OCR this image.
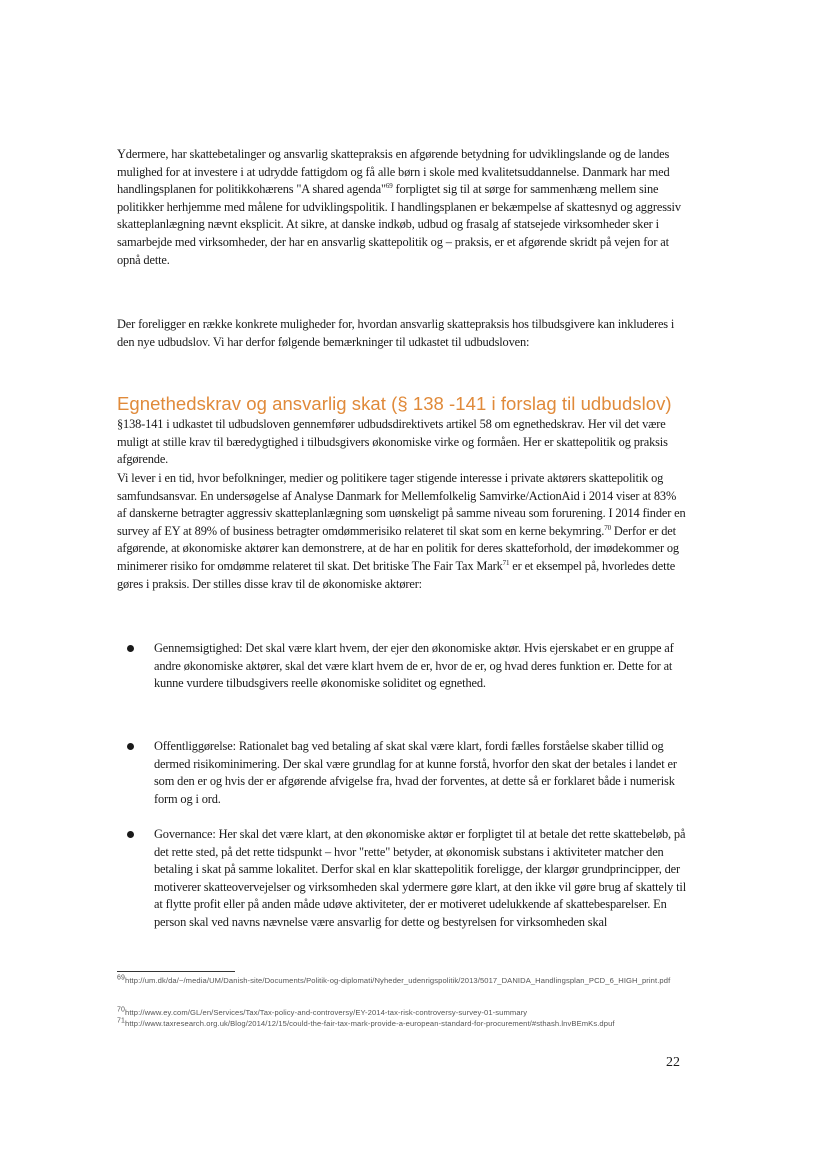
Ydermere, har skattebetalinger og ansvarlig skattepraksis en afgørende betydning for udviklingslande og de landes mulighed for at investere i at udrydde fattigdom og få alle børn i skole med kvalitetsuddannelse. Danmark har med handlingsplanen for politikkohærens "A shared agenda"$^{69}$ forpligtet sig til at sørge for sammenhæng mellem sine politikker herhjemme med målene for udviklingspolitik. I handlingsplanen er bekæmpelse af skattesnyd og aggressiv skatteplanlægning nævnt eksplicit. At sikre, at danske indkøb, udbud og frasalg af statsejede virksomheder sker i samarbejde med virksomheder, der har en ansvarlig skattepolitik og – praksis, er et afgørende skridt på vejen for at opnå dette.
Der foreligger en række konkrete muligheder for, hvordan ansvarlig skattepraksis hos tilbudsgivere kan inkluderes i den nye udbudslov. Vi har derfor følgende bemærkninger til udkastet til udbudsloven:
Egnethedskrav og ansvarlig skat (§ 138 -141 i forslag til udbudslov)
§138-141 i udkastet til udbudsloven gennemfører udbudsdirektivets artikel 58 om egnethedskrav. Her vil det være muligt at stille krav til bæredygtighed i tilbudsgivers økonomiske virke og formåen. Her er skattepolitik og praksis afgørende.
Vi lever i en tid, hvor befolkninger, medier og politikere tager stigende interesse i private aktørers skattepolitik og samfundsansvar. En undersøgelse af Analyse Danmark for Mellemfolkelig Samvirke/ActionAid i 2014 viser at 83% af danskerne betragter aggressiv skatteplanlægning som uønskeligt på samme niveau som forurening. I 2014 finder en survey af EY at 89% of business betragter omdømmerisiko relateret til skat som en kerne bekymring.$^{70}$ Derfor er det afgørende, at økonomiske aktører kan demonstrere, at de har en politik for deres skatteforhold, der imødekommer og minimerer risiko for omdømme relateret til skat. Det britiske The Fair Tax Mark$^{71}$ er et eksempel på, hvorledes dette gøres i praksis. Der stilles disse krav til de økonomiske aktører:
Gennemsigtighed: Det skal være klart hvem, der ejer den økonomiske aktør. Hvis ejerskabet er en gruppe af andre økonomiske aktører, skal det være klart hvem de er, hvor de er, og hvad deres funktion er. Dette for at kunne vurdere tilbudsgivers reelle økonomiske soliditet og egnethed.
Offentliggørelse: Rationalet bag ved betaling af skat skal være klart, fordi fælles forståelse skaber tillid og dermed risikominimering. Der skal være grundlag for at kunne forstå, hvorfor den skat der betales i landet er som den er og hvis der er afgørende afvigelse fra, hvad der forventes, at dette så er forklaret både i numerisk form og i ord.
Governance: Her skal det være klart, at den økonomiske aktør er forpligtet til at betale det rette skattebeløb, på det rette sted, på det rette tidspunkt – hvor "rette" betyder, at økonomisk substans i aktiviteter matcher den betaling i skat på samme lokalitet. Derfor skal en klar skattepolitik foreligge, der klargør grundprincipper, der motiverer skatteovervejelser og virksomheden skal ydermere gøre klart, at den ikke vil gøre brug af skattely til at flytte profit eller på anden måde udøve aktiviteter, der er motiveret udelukkende af skattebesparelser. En person skal ved navns nævnelse være ansvarlig for dette og bestyrelsen for virksomheden skal
$^{69}$http://um.dk/da/~/media/UM/Danish-site/Documents/Politik-og-diplomati/Nyheder_udenrigspolitik/2013/5017_DANIDA_Handlingsplan_PCD_6_HIGH_print.pdf
$^{70}$http://www.ey.com/GL/en/Services/Tax/Tax-policy-and-controversy/EY-2014-tax-risk-controversy-survey-01-summary
$^{71}$http://www.taxresearch.org.uk/Blog/2014/12/15/could-the-fair-tax-mark-provide-a-european-standard-for-procurement/#sthash.lnvBEmKs.dpuf
22
